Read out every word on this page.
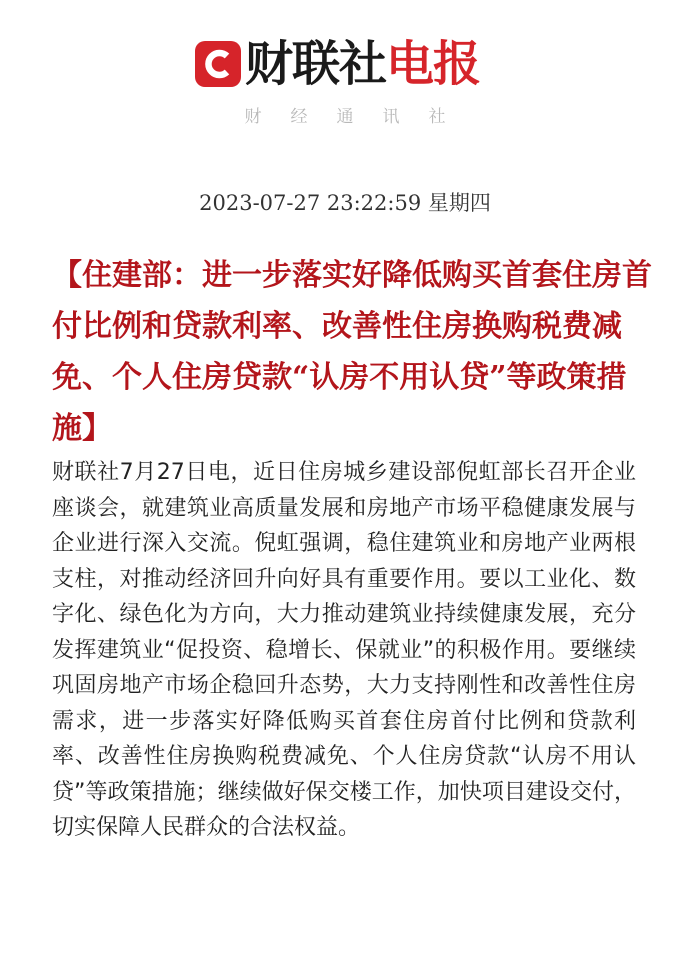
财联社 电报
财经通讯社
2023-07-27 23:22:59 星期四
【住建部：进一步落实好降低购买首套住房首付比例和贷款利率、改善性住房换购税费减免、个人住房贷款“认房不用认贷”等政策措施】

财联社7月27日电，近日住房城乡建设部倪虹部长召开企业座谈会，就建筑业高质量发展和房地产市场平稳健康发展与企业进行深入交流。倪虹强调，稳住建筑业和房地产业两根支柱，对推动经济回升向好具有重要作用。要以工业化、数字化、绿色化为方向，大力推动建筑业持续健康发展，充分发挥建筑业“促投资、稳增长、保就业”的积极作用。要继续巩固房地产市场企稳回升态势，大力支持刚性和改善性住房需求，进一步落实好降低购买首套住房首付比例和贷款利率、改善性住房换购税费减免、个人住房贷款“认房不用认贷”等政策措施；继续做好保交楼工作，加快项目建设交付，切实保障人民群众的合法权益。
